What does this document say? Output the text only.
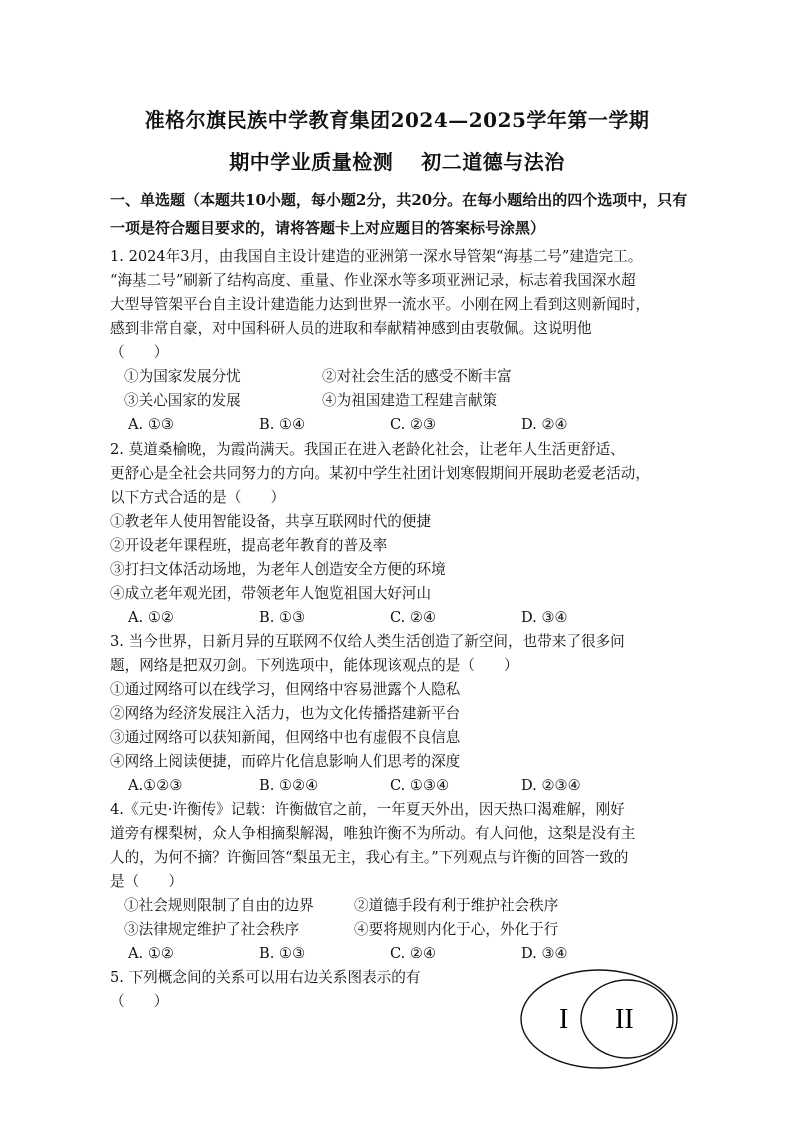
准格尔旗民族中学教育集团2024—2025学年第一学期
期中学业质量检测 初二道德与法治
一、单选题（本题共10小题，每小题2分，共20分。在每小题给出的四个选项中，只有一项是符合题目要求的，请将答题卡上对应题目的答案标号涂黑）

1. 2024年3月，由我国自主设计建造的亚洲第一深水导管架“海基二号”建造完工。

“海基二号”刷新了结构高度、重量、作业深水等多项亚洲记录，标志着我国深水超

大型导管架平台自主设计建造能力达到世界一流水平。小刚在网上看到这则新闻时，

感到非常自豪，对中国科研人员的进取和奉献精神感到由衷敬佩。这说明他

（　　）

①为国家发展分忧	②对社会生活的感受不断丰富
③关心国家的发展	④为祖国建造工程建言献策
A. ①③	B. ①④	C. ②③	D. ②④

2. 莫道桑榆晚，为霞尚满天。我国正在进入老龄化社会，让老年人生活更舒适、

更舒心是全社会共同努力的方向。某初中学生社团计划寒假期间开展助老爱老活动，

以下方式合适的是（　　）

①教老年人使用智能设备，共享互联网时代的便捷

②开设老年课程班，提高老年教育的普及率

③打扫文体活动场地，为老年人创造安全方便的环境

④成立老年观光团，带领老年人饱览祖国大好河山

A. ①②	B. ①③	C. ②④	D. ③④

3. 当今世界，日新月异的互联网不仅给人类生活创造了新空间，也带来了很多问

题，网络是把双刃剑。下列选项中，能体现该观点的是（　　）

①通过网络可以在线学习，但网络中容易泄露个人隐私

②网络为经济发展注入活力，也为文化传播搭建新平台

③通过网络可以获知新闻，但网络中也有虚假不良信息

④网络上阅读便捷，而碎片化信息影响人们思考的深度

A.①②③	B. ①②④	C. ①③④	D. ②③④

4.《元史·许衡传》记载：许衡做官之前，一年夏天外出，因天热口渴难解，刚好

道旁有棵梨树，众人争相摘梨解渴，唯独许衡不为所动。有人问他，这梨是没有主

人的，为何不摘？许衡回答“梨虽无主，我心有主。”下列观点与许衡的回答一致的

是（　　）

①社会规则限制了自由的边界	②道德手段有利于维护社会秩序
③法律规定维护了社会秩序	④要将规则内化于心，外化于行
A. ①②	B. ①③	C. ②④	D. ③④

5. 下列概念间的关系可以用右边关系图表示的有

（　　）

I II
